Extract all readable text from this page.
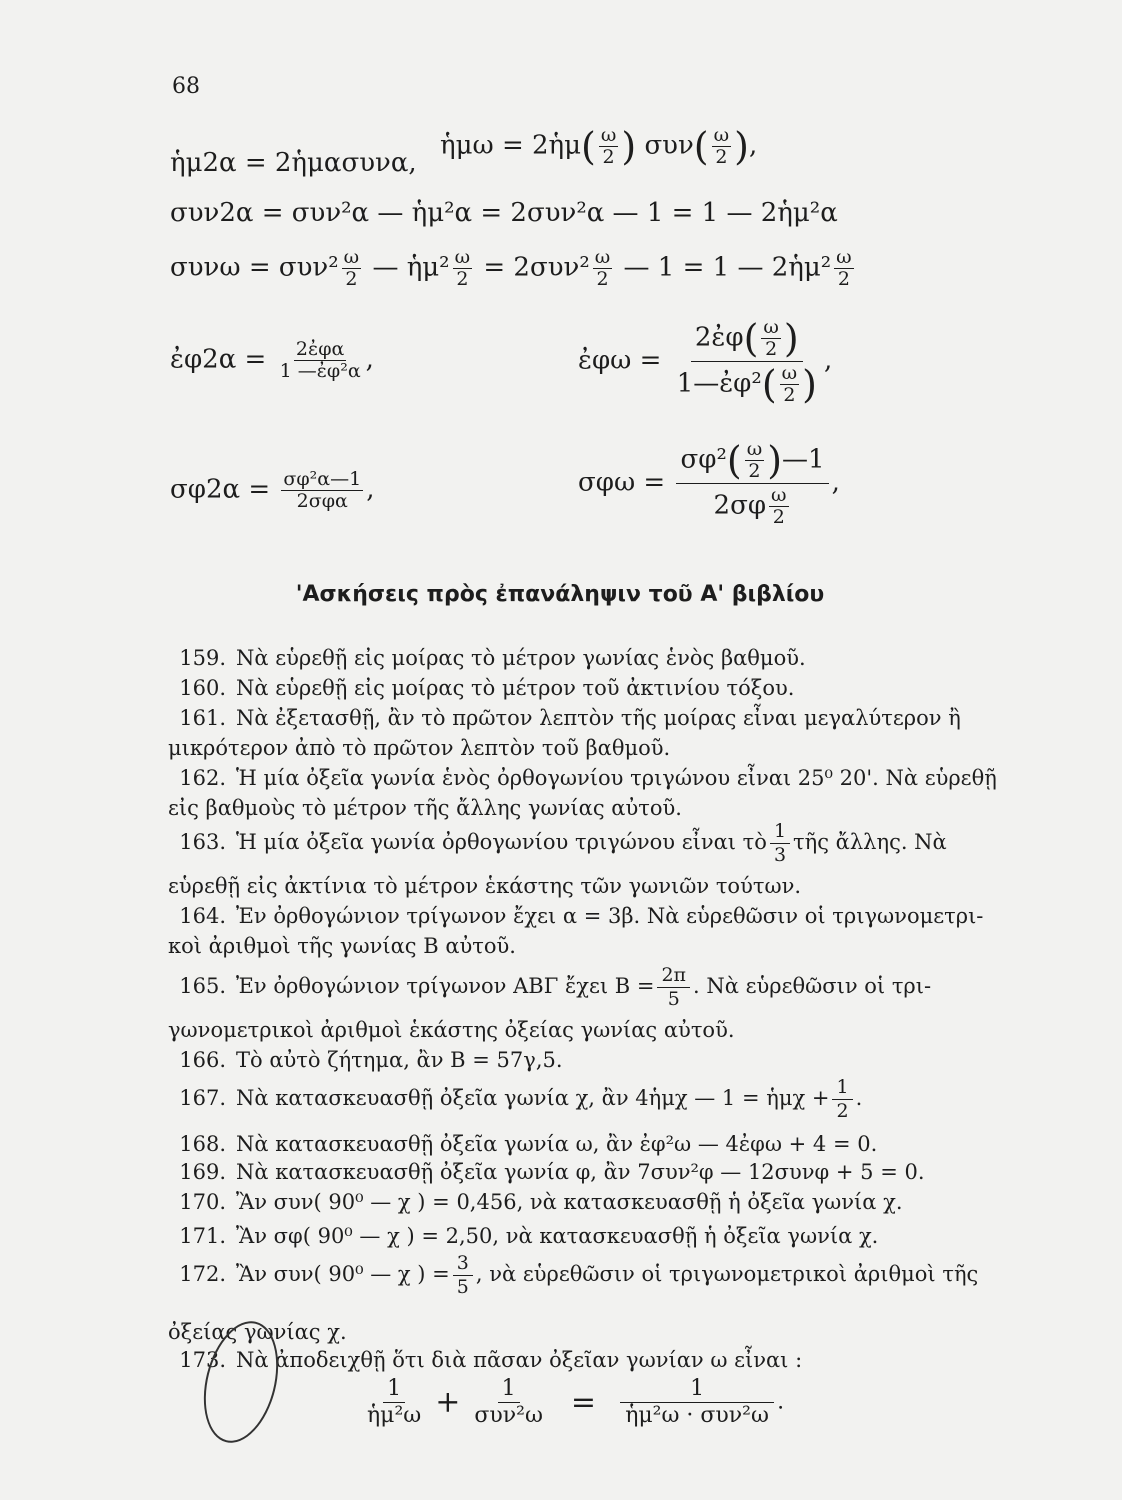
68
ἡμ2α = 2ἡμασυνα,
ἡμω = 2ἡμ( $\frac{\omega}{2}$ ) $\sigma\upsilon\nu( \frac{\omega}{2}$ ),
συν2α = συν²α — ἡμ²α = 2συν²α — 1 = 1 — 2ἡμ²α
$\sigma\upsilon\nu\omega = \sigma\upsilon\nu^2 \frac{\omega}{2}$ — ἡμ² $\frac{\omega}{2} = 2\sigma\upsilon\nu^2 \frac{\omega}{2}$ — 1 = 1 — 2ἡμ² $\frac{\omega}{2}$
ἐφ2α = $\frac{\text{2ἐφα}}{\text{1 —ἐφ²α}}$ ,	ἐφω = $\frac{2ἐ\varphi( \frac{\omega}{2} )}{1—ἐ\varphi^2( \frac{\omega}{2} )}$ ,
$\sigma\varphi 2\alpha = \frac{\text{σφ²α—1}}{\text{2σφα}}$ ,	$\sigma\varphi\omega = \frac{\sigma\varphi^2( \frac{\omega}{2} )—1}{2\sigma\varphi \frac{\omega}{2}}$ ,
'Ασκήσεις πρὸς ἐπανάληψιν τοῦ Α' βιβλίου
159. Νὰ εὑρεθῇ εἰς μοίρας τὸ μέτρον γωνίας ἑνὸς βαθμοῦ.
160. Νὰ εὑρεθῇ εἰς μοίρας τὸ μέτρον τοῦ ἀκτινίου τόξου.
161. Νὰ ἐξετασθῇ, ἂν τὸ πρῶτον λεπτὸν τῆς μοίρας εἶναι μεγαλύτερον ἢ
μικρότερον ἀπὸ τὸ πρῶτον λεπτὸν τοῦ βαθμοῦ.
162. Ἡ μία ὀξεῖα γωνία ἑνὸς ὀρθογωνίου τριγώνου εἶναι 25⁰ 20'. Νὰ εὑρεθῇ
εἰς βαθμοὺς τὸ μέτρον τῆς ἄλλης γωνίας αὐτοῦ.
163. Ἡ μία ὀξεῖα γωνία ὀρθογωνίου τριγώνου εἶναι τὸ $\frac{1}{3}$ τῆς ἄλλης. Νὰ
εὑρεθῇ εἰς ἀκτίνια τὸ μέτρον ἑκάστης τῶν γωνιῶν τούτων.
164. Ἐν ὀρθογώνιον τρίγωνον ἔχει α = 3β. Νὰ εὑρεθῶσιν οἱ τριγωνομετρι-
κοὶ ἀριθμοὶ τῆς γωνίας Β αὐτοῦ.
165. Ἐν ὀρθογώνιον τρίγωνον ΑΒΓ ἔχει $B = \frac{2\pi}{5}$ . Νὰ εὑρεθῶσιν οἱ τρι-
γωνομετρικοὶ ἀριθμοὶ ἑκάστης ὀξείας γωνίας αὐτοῦ.
166. Τὸ αὐτὸ ζήτημα, ἂν Β = 57γ,5.
167. Νὰ κατασκευασθῇ ὀξεῖα γωνία χ, ἂν 4ἡμχ — 1 = ἡμχ + $\frac{1}{2}$ .
168. Νὰ κατασκευασθῇ ὀξεῖα γωνία ω, ἂν ἐφ²ω — 4ἐφω + 4 = 0.
169. Νὰ κατασκευασθῇ ὀξεῖα γωνία φ, ἂν 7συν²φ — 12συνφ + 5 = 0.
170. Ἂν συν( 90⁰ — χ ) = 0,456, νὰ κατασκευασθῇ ἡ ὀξεῖα γωνία χ.
171. Ἂν σφ( 90⁰ — χ ) = 2,50, νὰ κατασκευασθῇ ἡ ὀξεῖα γωνία χ.
172. Ἂν συν( 90⁰ — χ ) = $\frac{3}{5}$ , νὰ εὑρεθῶσιν οἱ τριγωνομετρικοὶ ἀριθμοὶ τῆς
ὀξείας γωνίας χ.
173. Νὰ ἀποδειχθῇ ὅτι διὰ πᾶσαν ὀξεῖαν γωνίαν ω εἶναι :
$\frac{1}{\text{ἡμ²ω}} + \frac{1}{\text{συν²ω}} = \frac{1}{\text{ἡμ²ω · συν²ω}}$ .
